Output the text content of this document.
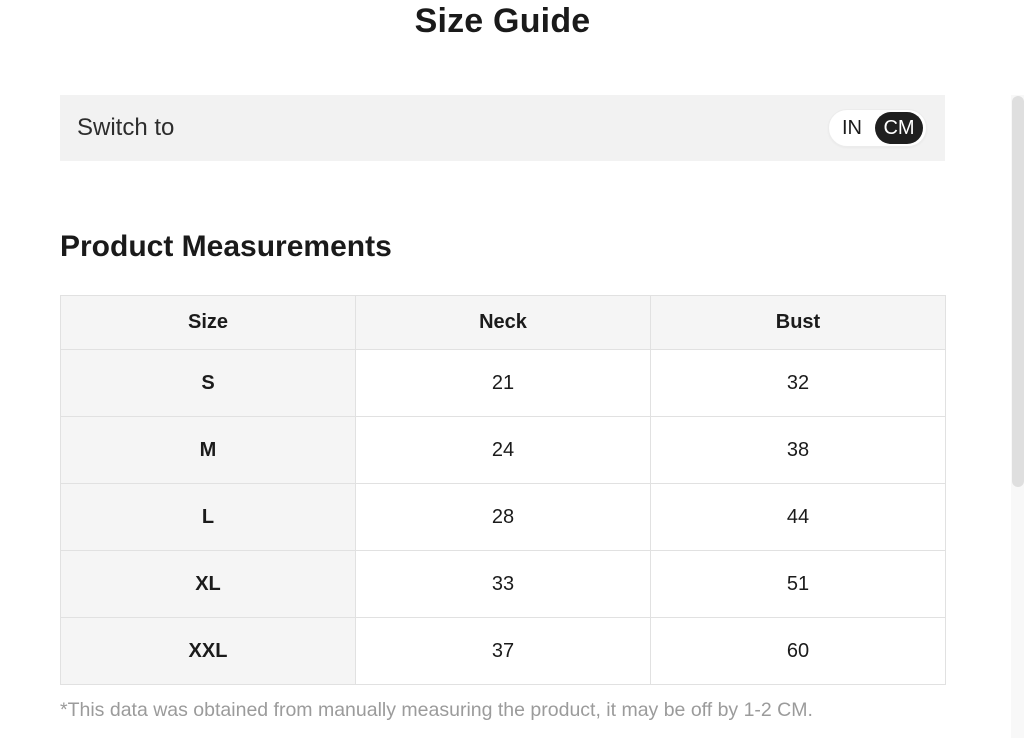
Size Guide
Switch to	IN	CM
Product Measurements
Size	Neck	Bust
S	21	32
M	24	38
L	28	44
XL	33	51
XXL	37	60

*This data was obtained from manually measuring the product, it may be off by 1-2 CM.
